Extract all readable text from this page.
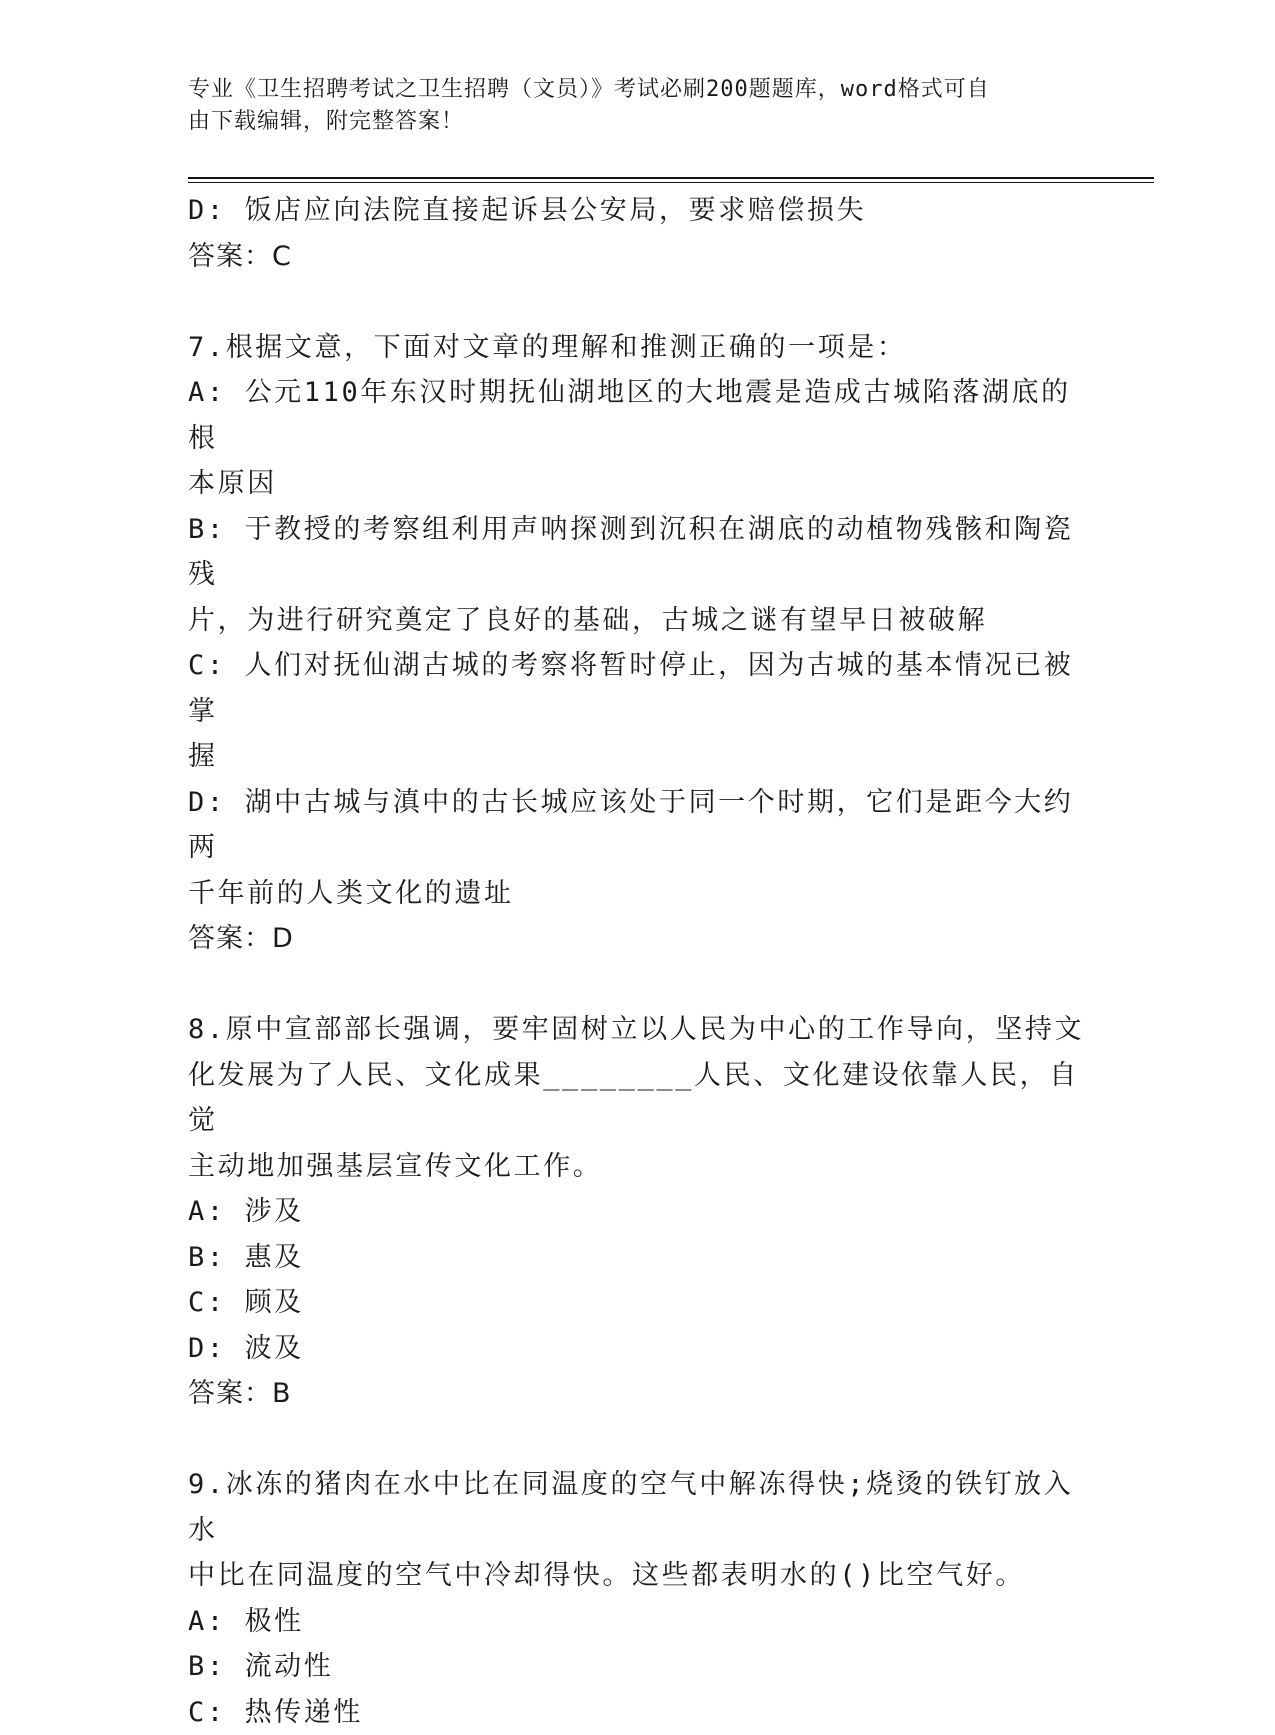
专业《卫生招聘考试之卫生招聘（文员）》考试必刷200题题库，word格式可自
由下载编辑，附完整答案！
D: 饭店应向法院直接起诉县公安局，要求赔偿损失
答案：C
7.根据文意，下面对文章的理解和推测正确的一项是：
A: 公元110年东汉时期抚仙湖地区的大地震是造成古城陷落湖底的根
本原因
B: 于教授的考察组利用声呐探测到沉积在湖底的动植物残骸和陶瓷残
片，为进行研究奠定了良好的基础，古城之谜有望早日被破解
C: 人们对抚仙湖古城的考察将暂时停止，因为古城的基本情况已被掌
握
D: 湖中古城与滇中的古长城应该处于同一个时期，它们是距今大约两
千年前的人类文化的遗址
答案：D
8.原中宣部部长强调，要牢固树立以人民为中心的工作导向，坚持文
化发展为了人民、文化成果________人民、文化建设依靠人民，自觉
主动地加强基层宣传文化工作。
A: 涉及
B: 惠及
C: 顾及
D: 波及
答案：B
9.冰冻的猪肉在水中比在同温度的空气中解冻得快;烧烫的铁钉放入水
中比在同温度的空气中冷却得快。这些都表明水的()比空气好。
A: 极性
B: 流动性
C: 热传递性
